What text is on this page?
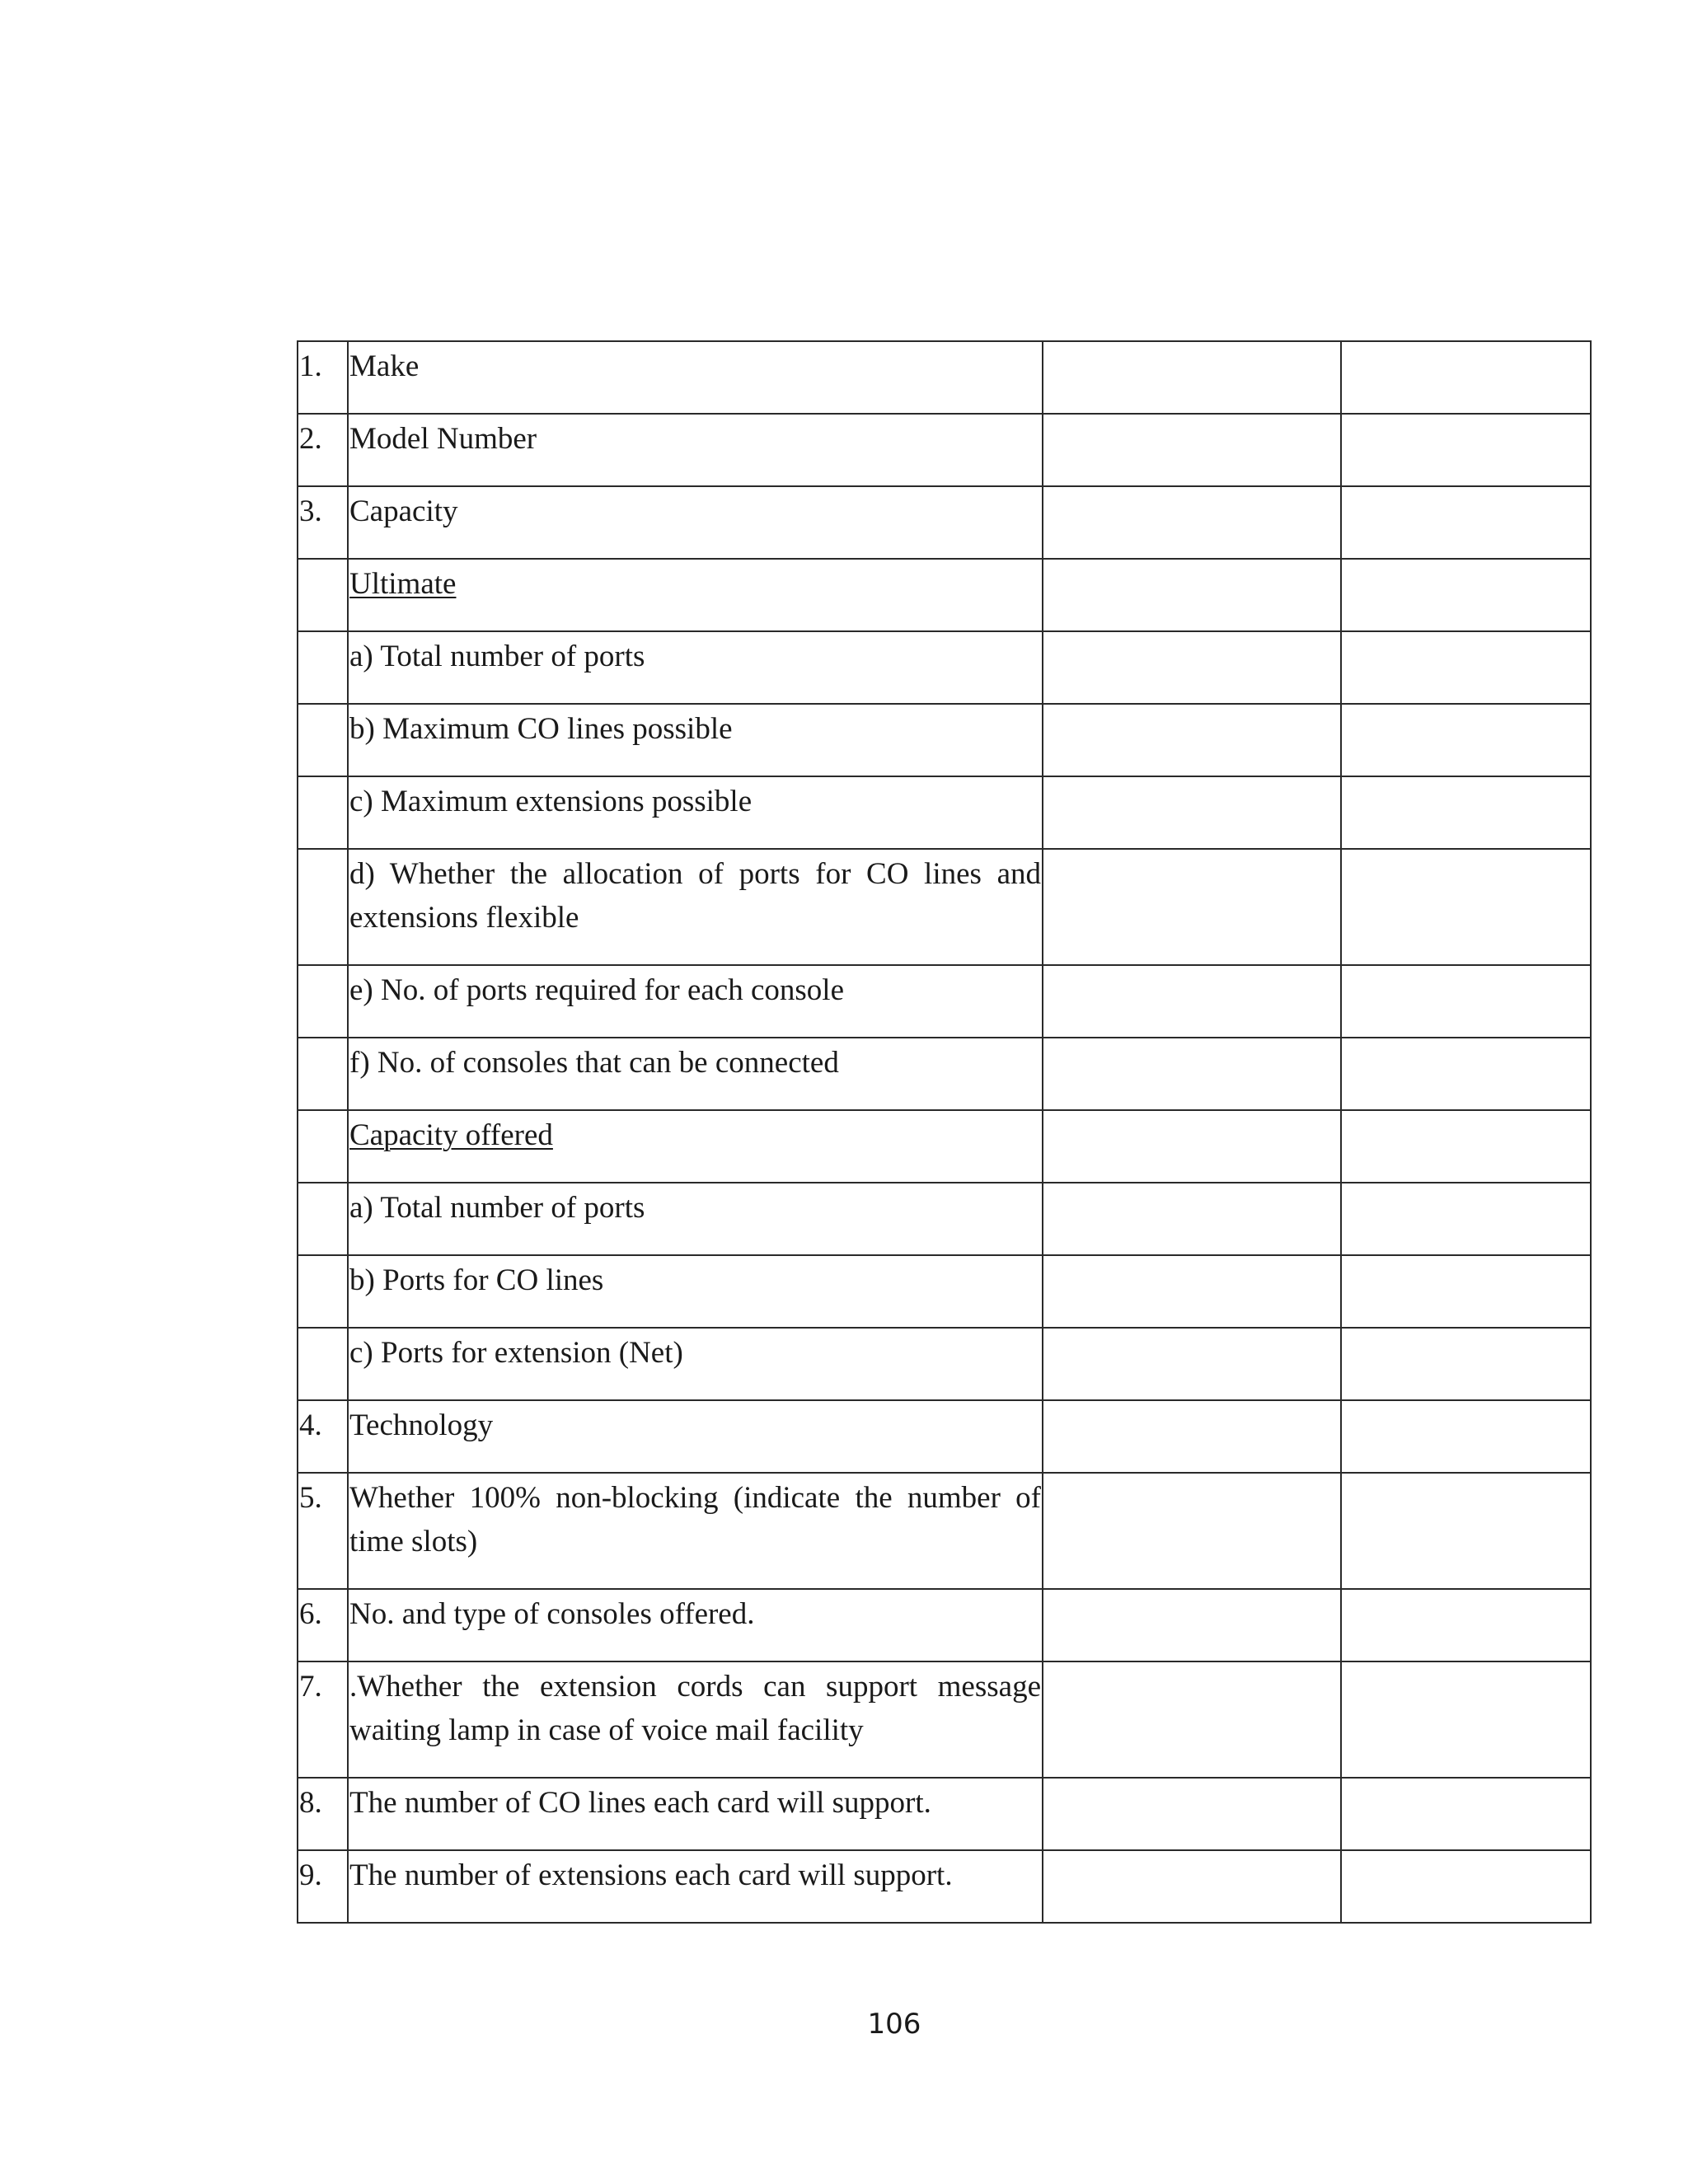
1.	Make		

2.	Model Number		

3.	Capacity		

	Ultimate		

	a) Total number of ports		

	b) Maximum CO lines possible		

	c) Maximum extensions possible		

	d) Whether the allocation of ports for CO lines and extensions flexible		

	e) No. of ports required for each console		

	f) No. of consoles that can be connected		

	Capacity offered		

	a) Total number of ports		

	b) Ports for CO lines		

	c) Ports for extension (Net)		

4.	Technology		

5.	Whether 100% non-blocking (indicate the number of time slots)		

6.	No. and type of consoles offered.		

7.	.Whether the extension cords can support message waiting lamp in case of voice mail facility		

8.	The number of CO lines each card will support.		

9.	The number of extensions each card will support.		

106
